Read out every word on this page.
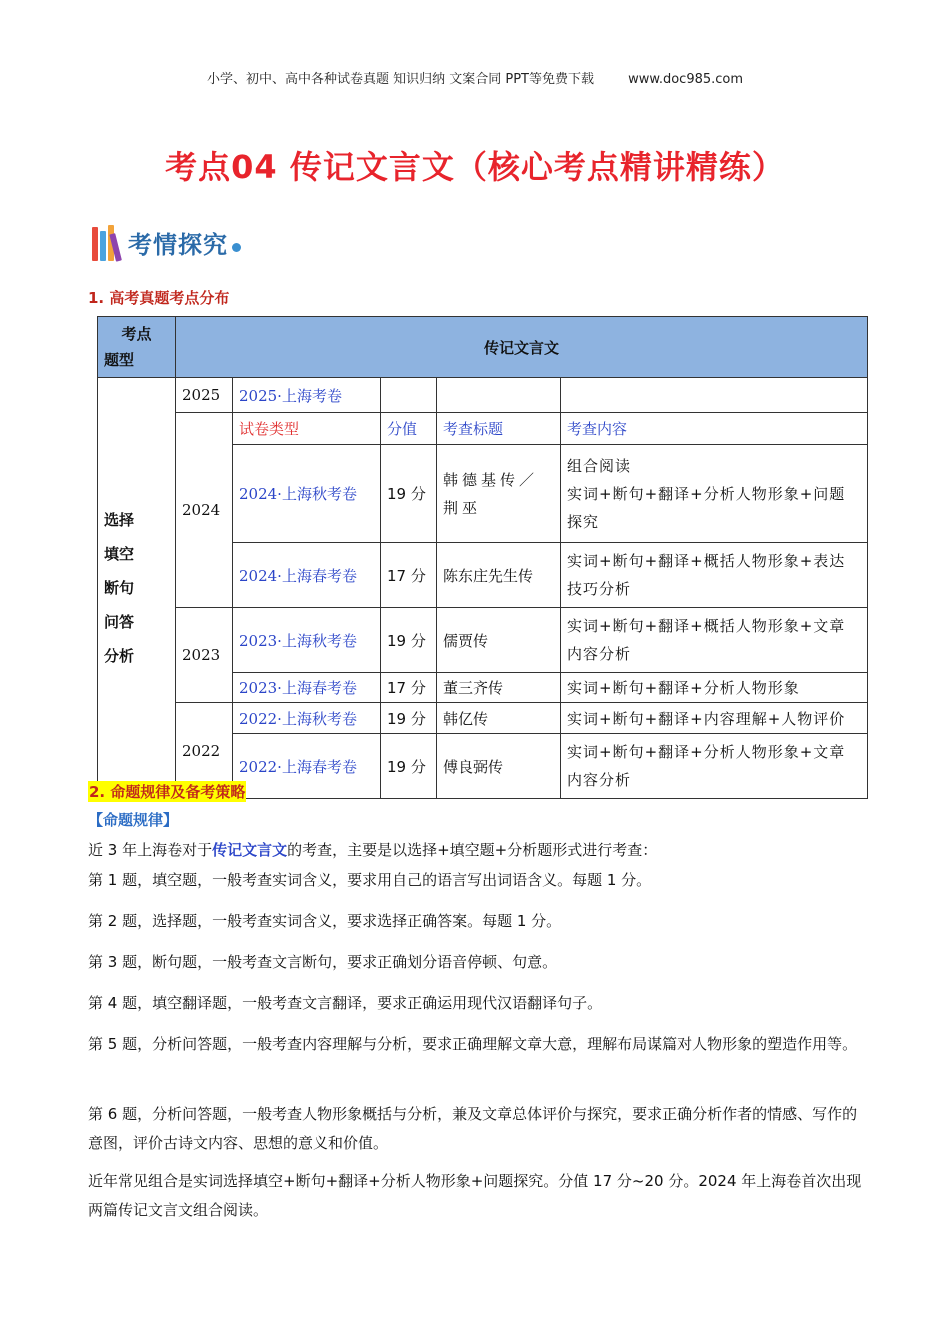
小学、初中、高中各种试卷真题 知识归纳 文案合同 PPT等免费下载	www.doc985.com
考点04 传记文言文（核心考点精讲精练）
考情探究
1. 高考真题考点分布
考点
题型	传记文言文				

选择
填空
断句
问答
分析	2025	2025·上海考卷			
	2024	试卷类型	分值	考查标题	考查内容
		2024·上海秋考卷	19 分	韩德基传／荆巫	组合阅读
实词+断句+翻译+分析人物形象+问题探究
		2024·上海春考卷	17 分	陈东庄先生传	实词+断句+翻译+概括人物形象+表达技巧分析
	2023	2023·上海秋考卷	19 分	儒贾传	实词+断句+翻译+概括人物形象+文章内容分析
		2023·上海春考卷	17 分	董三齐传	实词+断句+翻译+分析人物形象
	2022	2022·上海秋考卷	19 分	韩亿传	实词+断句+翻译+内容理解+人物评价
		2022·上海春考卷	19 分	傅良弼传	实词+断句+翻译+分析人物形象+文章内容分析
2. 命题规律及备考策略
【命题规律】
近 3 年上海卷对于传记文言文的考查，主要是以选择+填空题+分析题形式进行考查：
第 1 题，填空题，一般考查实词含义，要求用自己的语言写出词语含义。每题 1 分。
第 2 题，选择题，一般考查实词含义，要求选择正确答案。每题 1 分。
第 3 题，断句题，一般考查文言断句，要求正确划分语音停顿、句意。
第 4 题，填空翻译题，一般考查文言翻译，要求正确运用现代汉语翻译句子。
第 5 题，分析问答题，一般考查内容理解与分析，要求正确理解文章大意，理解布局谋篇对人物形象的塑造作用等。
第 6 题，分析问答题，一般考查人物形象概括与分析，兼及文章总体评价与探究，要求正确分析作者的情感、写作的意图，评价古诗文内容、思想的意义和价值。
近年常见组合是实词选择填空+断句+翻译+分析人物形象+问题探究。分值 17 分~20 分。2024 年上海卷首次出现两篇传记文言文组合阅读。
